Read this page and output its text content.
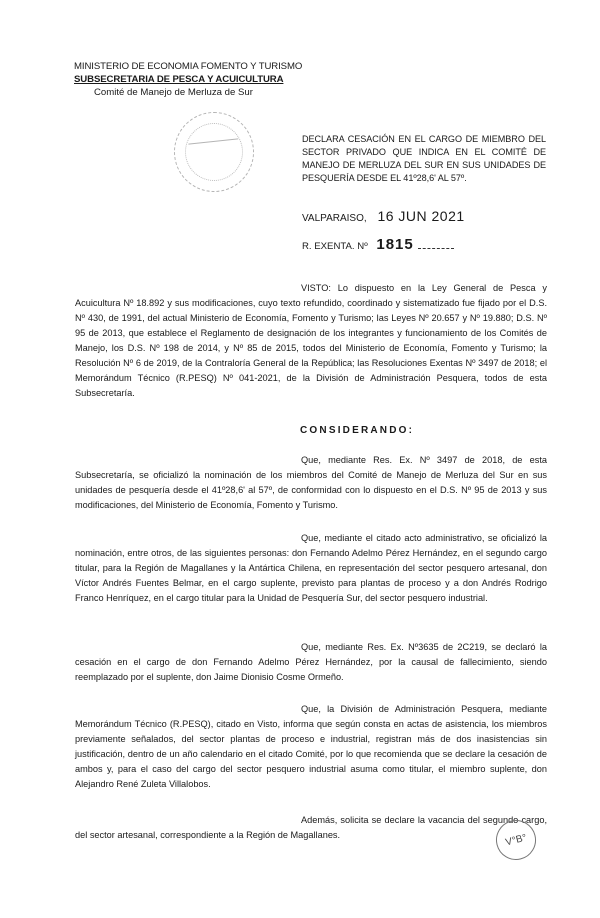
MINISTERIO DE ECONOMIA FOMENTO Y TURISMO
SUBSECRETARIA DE PESCA Y ACUICULTURA
Comité de Manejo de Merluza de Sur
DECLARA CESACIÓN EN EL CARGO DE MIEMBRO DEL SECTOR PRIVADO QUE INDICA EN EL COMITÉ DE MANEJO DE MERLUZA DEL SUR EN SUS UNIDADES DE PESQUERÍA DESDE EL 41º28,6' AL 57º.
VALPARAISO, 16 JUN 2021
R. EXENTA. Nº 1815
VISTO: Lo dispuesto en la Ley General de Pesca y Acuicultura Nº 18.892 y sus modificaciones, cuyo texto refundido, coordinado y sistematizado fue fijado por el D.S. Nº 430, de 1991, del actual Ministerio de Economía, Fomento y Turismo; las Leyes Nº 20.657 y Nº 19.880; D.S. Nº 95 de 2013, que establece el Reglamento de designación de los integrantes y funcionamiento de los Comités de Manejo, los D.S. Nº 198 de 2014, y Nº 85 de 2015, todos del Ministerio de Economía, Fomento y Turismo; la Resolución Nº 6 de 2019, de la Contraloría General de la República; las Resoluciones Exentas Nº 3497 de 2018; el Memorándum Técnico (R.PESQ) Nº 041-2021, de la División de Administración Pesquera, todos de esta Subsecretaría.
CONSIDERANDO:
Que, mediante Res. Ex. Nº 3497 de 2018, de esta Subsecretaría, se oficializó la nominación de los miembros del Comité de Manejo de Merluza del Sur en sus unidades de pesquería desde el 41º28,6' al 57º, de conformidad con lo dispuesto en el D.S. Nº 95 de 2013 y sus modificaciones, del Ministerio de Economía, Fomento y Turismo.
Que, mediante el citado acto administrativo, se oficializó la nominación, entre otros, de las siguientes personas: don Fernando Adelmo Pérez Hernández, en el segundo cargo titular, para la Región de Magallanes y la Antártica Chilena, en representación del sector pesquero artesanal, don Víctor Andrés Fuentes Belmar, en el cargo suplente, previsto para plantas de proceso y a don Andrés Rodrigo Franco Henríquez, en el cargo titular para la Unidad de Pesquería Sur, del sector pesquero industrial.
Que, mediante Res. Ex. Nº3635 de 2C219, se declaró la cesación en el cargo de don Fernando Adelmo Pérez Hernández, por la causal de fallecimiento, siendo reemplazado por el suplente, don Jaime Dionisio Cosme Ormeño.
Que, la División de Administración Pesquera, mediante Memorándum Técnico (R.PESQ), citado en Visto, informa que según consta en actas de asistencia, los miembros previamente señalados, del sector plantas de proceso e industrial, registran más de dos inasistencias sin justificación, dentro de un año calendario en el citado Comité, por lo que recomienda que se declare la cesación de ambos y, para el caso del cargo del sector pesquero industrial asuma como titular, el miembro suplente, don Alejandro René Zuleta Villalobos.
Además, solicita se declare la vacancia del segundo cargo, del sector artesanal, correspondiente a la Región de Magallanes.	V°B°
